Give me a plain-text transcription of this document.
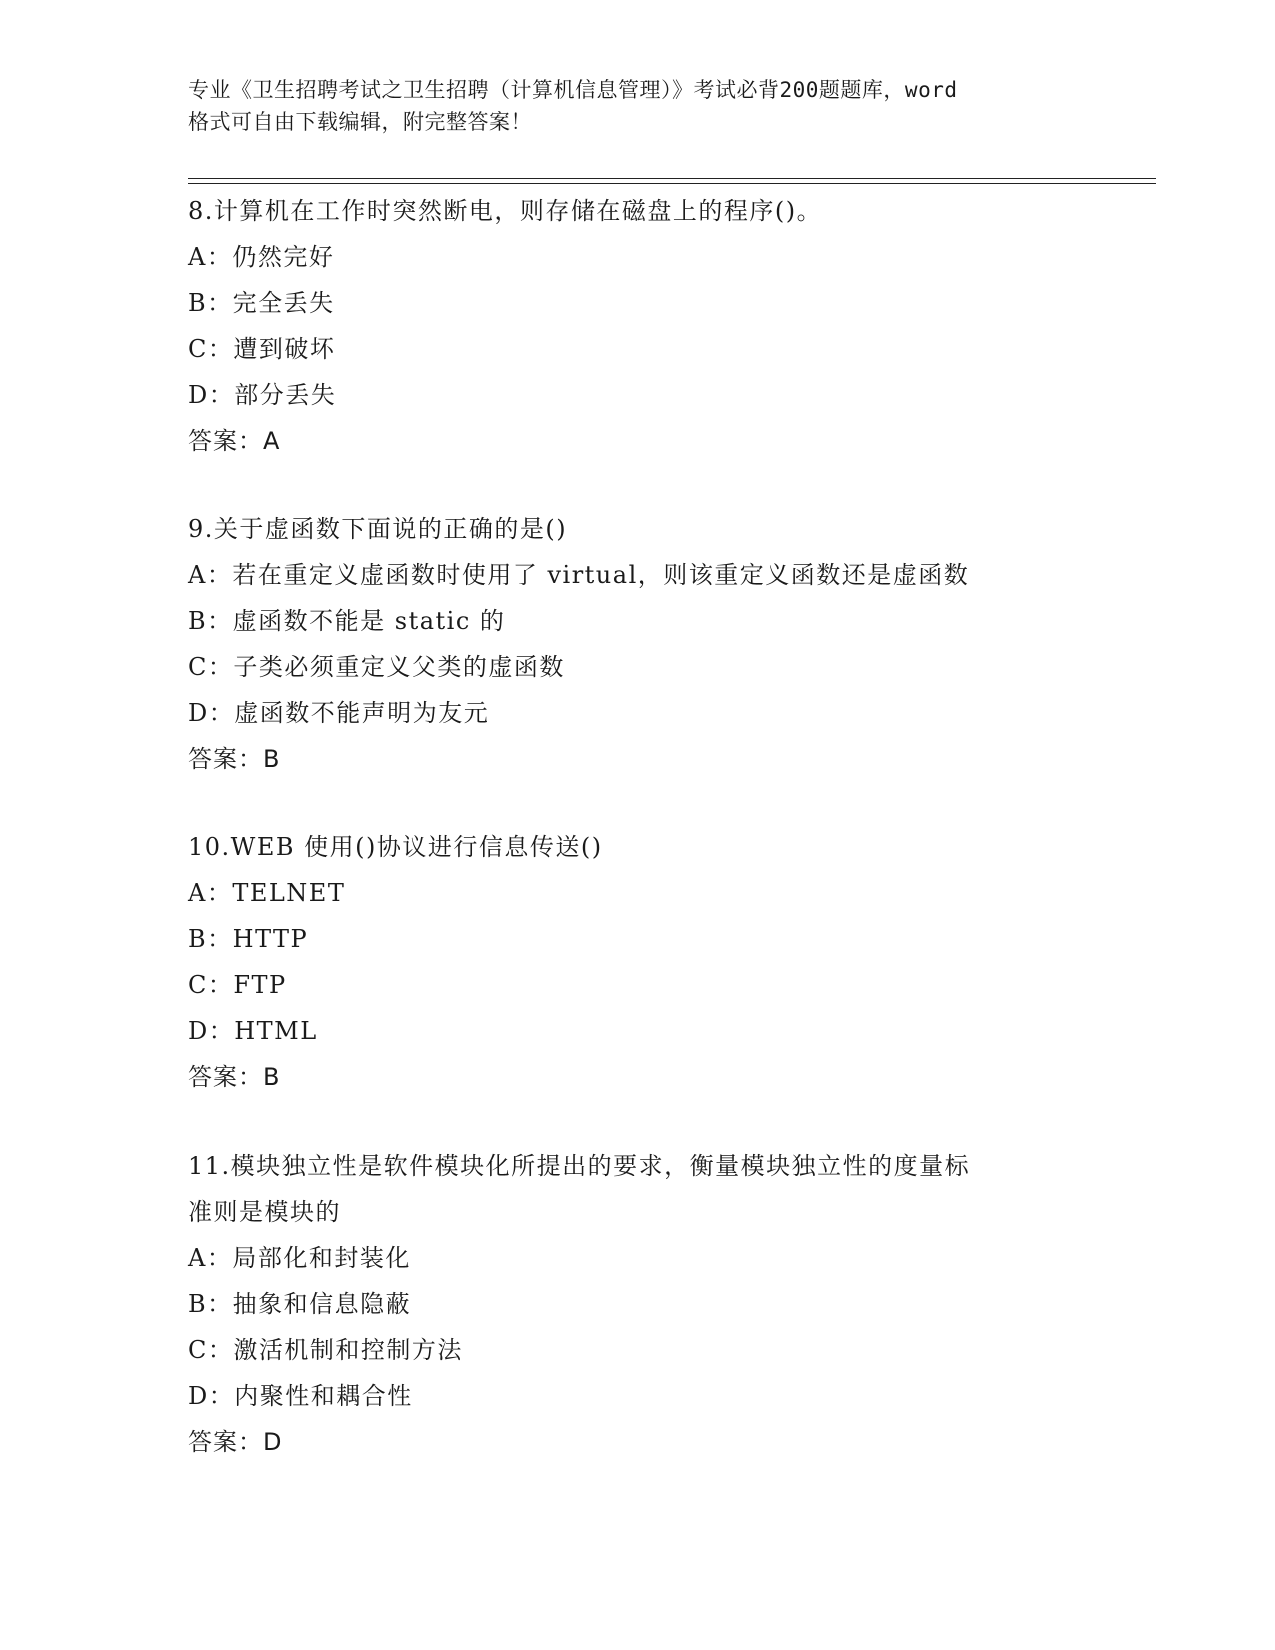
专业《卫生招聘考试之卫生招聘（计算机信息管理）》考试必背200题题库，word
格式可自由下载编辑，附完整答案！
8.计算机在工作时突然断电，则存储在磁盘上的程序()。
A：仍然完好
B：完全丢失
C：遭到破坏
D：部分丢失
答案：A
9.关于虚函数下面说的正确的是()
A：若在重定义虚函数时使用了 virtual，则该重定义函数还是虚函数
B：虚函数不能是 static 的
C：子类必须重定义父类的虚函数
D：虚函数不能声明为友元
答案：B
10.WEB 使用()协议进行信息传送()
A：TELNET
B：HTTP
C：FTP
D：HTML
答案：B
11.模块独立性是软件模块化所提出的要求，衡量模块独立性的度量标
准则是模块的
A：局部化和封装化
B：抽象和信息隐蔽
C：激活机制和控制方法
D：内聚性和耦合性
答案：D
